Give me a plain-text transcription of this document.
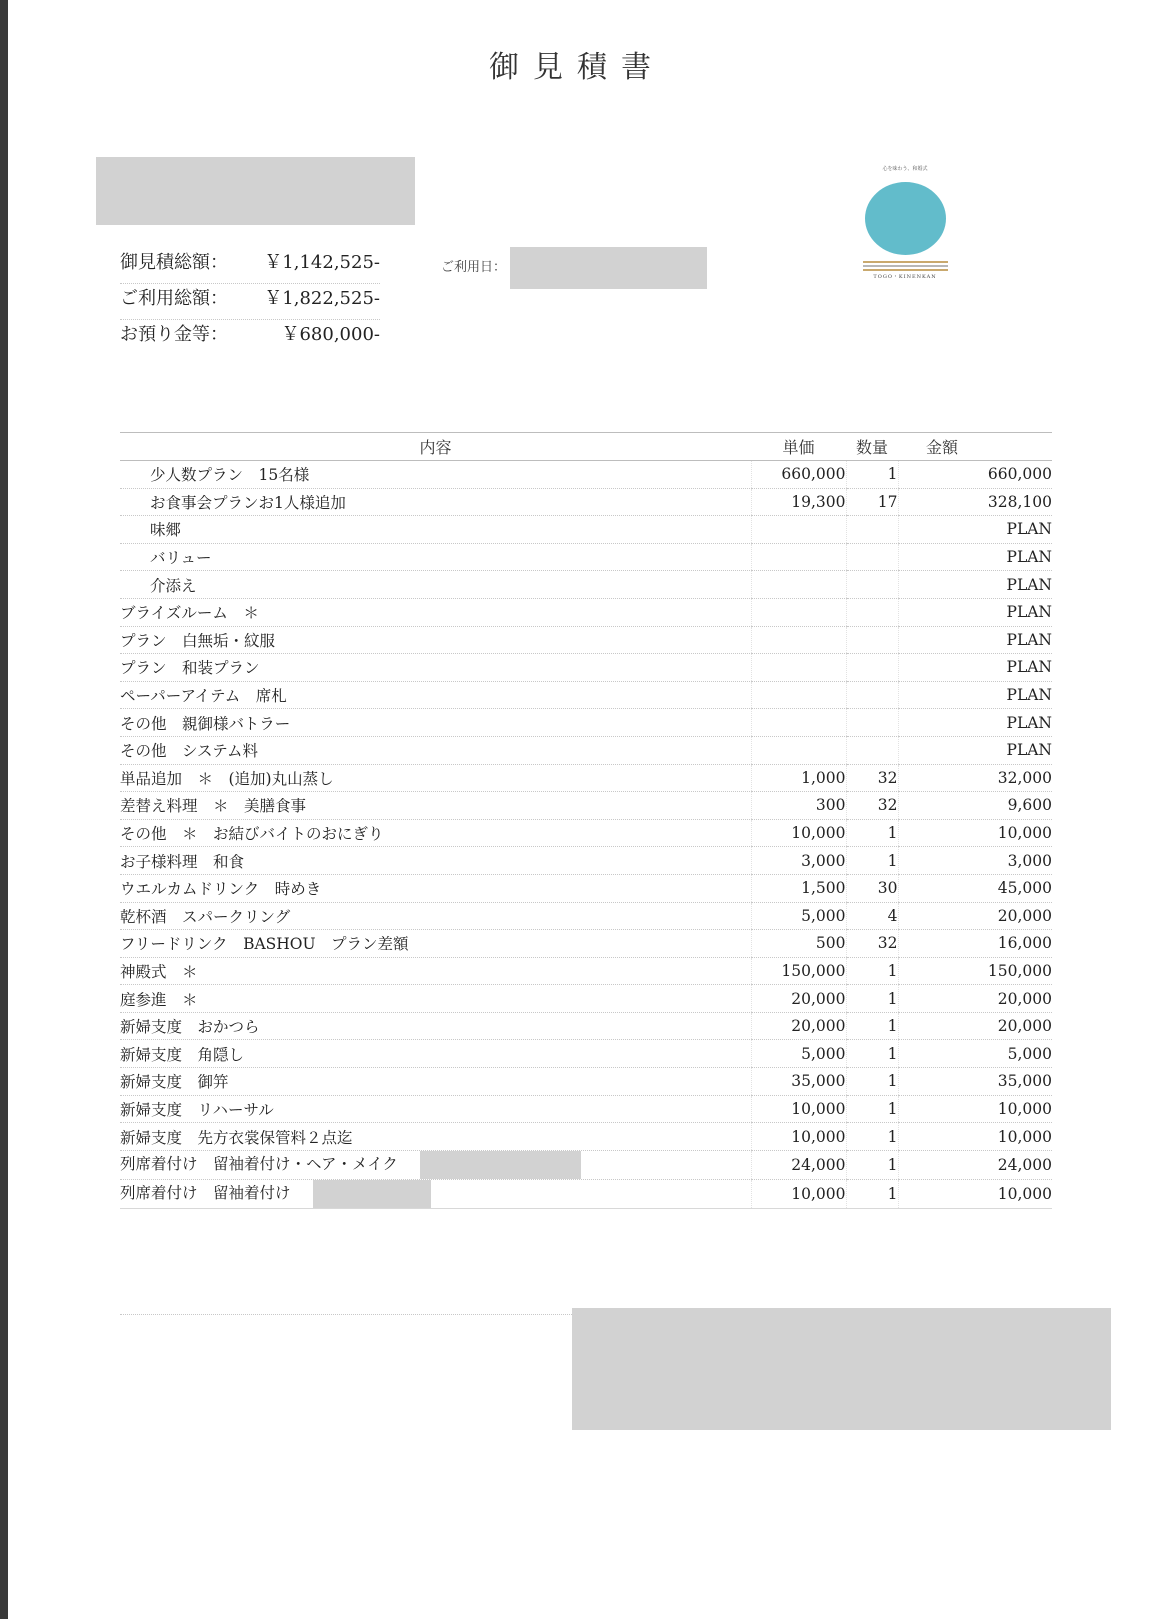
御見積書
御見積総額： ￥1,142,525-
ご利用総額： ￥1,822,525-
お預り金等：	￥680,000-
ご利用日：
心を味わう、和婚式
TOGO・KINENKAN
内容	単価	数量	金額
少人数プラン　15名様	660,000	1	660,000
お食事会プランお1人様追加	19,300	17	328,100
味郷			PLAN
バリュー			PLAN
介添え			PLAN
ブライズルーム　＊			PLAN
プラン　白無垢・紋服			PLAN
プラン　和装プラン			PLAN
ペーパーアイテム　席札			PLAN
その他　親御様バトラー			PLAN
その他　システム料			PLAN
単品追加　＊　(追加)丸山蒸し	1,000	32	32,000
差替え料理　＊　美膳食事	300	32	9,600
その他　＊　お結びバイトのおにぎり	10,000	1	10,000
お子様料理　和食	3,000	1	3,000
ウエルカムドリンク　時めき	1,500	30	45,000
乾杯酒　スパークリング	5,000	4	20,000
フリードリンク　BASHOU　プラン差額	500	32	16,000
神殿式　＊	150,000	1	150,000
庭参進　＊	20,000	1	20,000
新婦支度　おかつら	20,000	1	20,000
新婦支度　角隠し	5,000	1	5,000
新婦支度　御笄	35,000	1	35,000
新婦支度　リハーサル	10,000	1	10,000
新婦支度　先方衣裳保管料２点迄	10,000	1	10,000
列席着付け　留袖着付け・ヘア・メイク	24,000	1	24,000
列席着付け　留袖着付け	10,000	1	10,000
